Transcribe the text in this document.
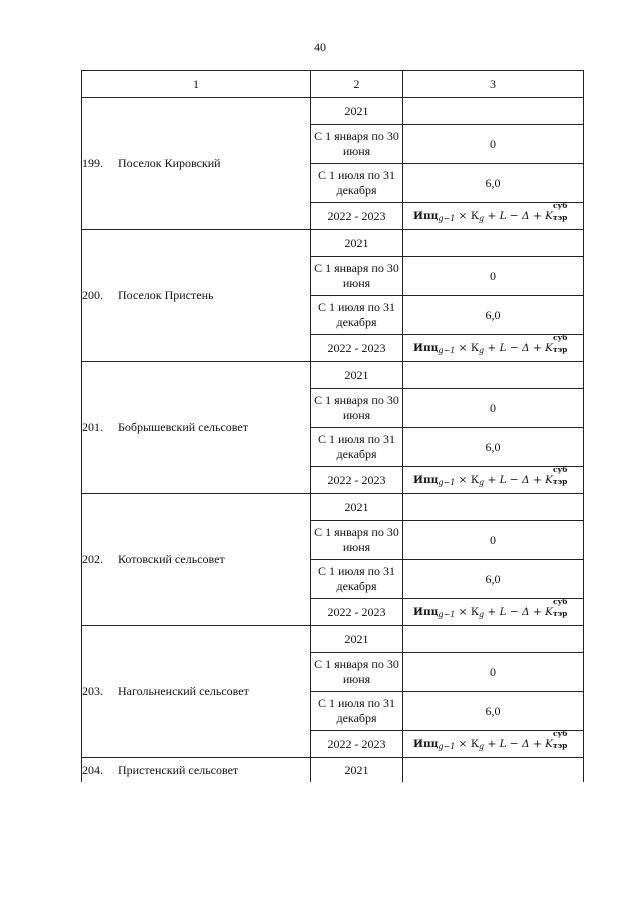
40
1	2	3
199. Поселок Кировский	2021	
	С 1 января по 30 июня	0
	С 1 июля по 31 декабря	6,0
	2022 - 2023	$Ипц_{g-1} \times К_g + L - \Delta + K$
суб
тэр

200. Поселок Пристень	2021	
	С 1 января по 30 июня	0
	С 1 июля по 31 декабря	6,0
	2022 - 2023	$Ипц_{g-1} \times К_g + L - \Delta + K$
суб
тэр

201. Бобрышевский сельсовет	2021	
	С 1 января по 30 июня	0
	С 1 июля по 31 декабря	6,0
	2022 - 2023	$Ипц_{g-1} \times К_g + L - \Delta + K$
суб
тэр

202. Котовский сельсовет	2021	
	С 1 января по 30 июня	0
	С 1 июля по 31 декабря	6,0
	2022 - 2023	$Ипц_{g-1} \times К_g + L - \Delta + K$
суб
тэр

203. Нагольненский сельсовет	2021	
	С 1 января по 30 июня	0
	С 1 июля по 31 декабря	6,0
	2022 - 2023	$Ипц_{g-1} \times К_g + L - \Delta + K$
суб
тэр

204. Пристенский сельсовет	2021	
